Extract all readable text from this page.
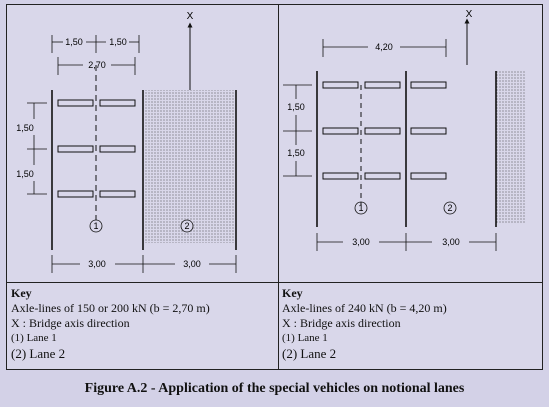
X
1,50	1,50
2,70
1,50
1,50
1	2
3,00	3,00
X
4,20
1,50
1,50
1	2
3,00	3,00
Key
Axle-lines of 150 or 200 kN (b = 2,70 m)
X : Bridge axis direction
(1) Lane 1
(2) Lane 2
Key
Axle-lines of 240 kN (b = 4,20 m)
X : Bridge axis direction
(1) Lane 1
(2) Lane 2
Figure A.2 - Application of the special vehicles on notional lanes
